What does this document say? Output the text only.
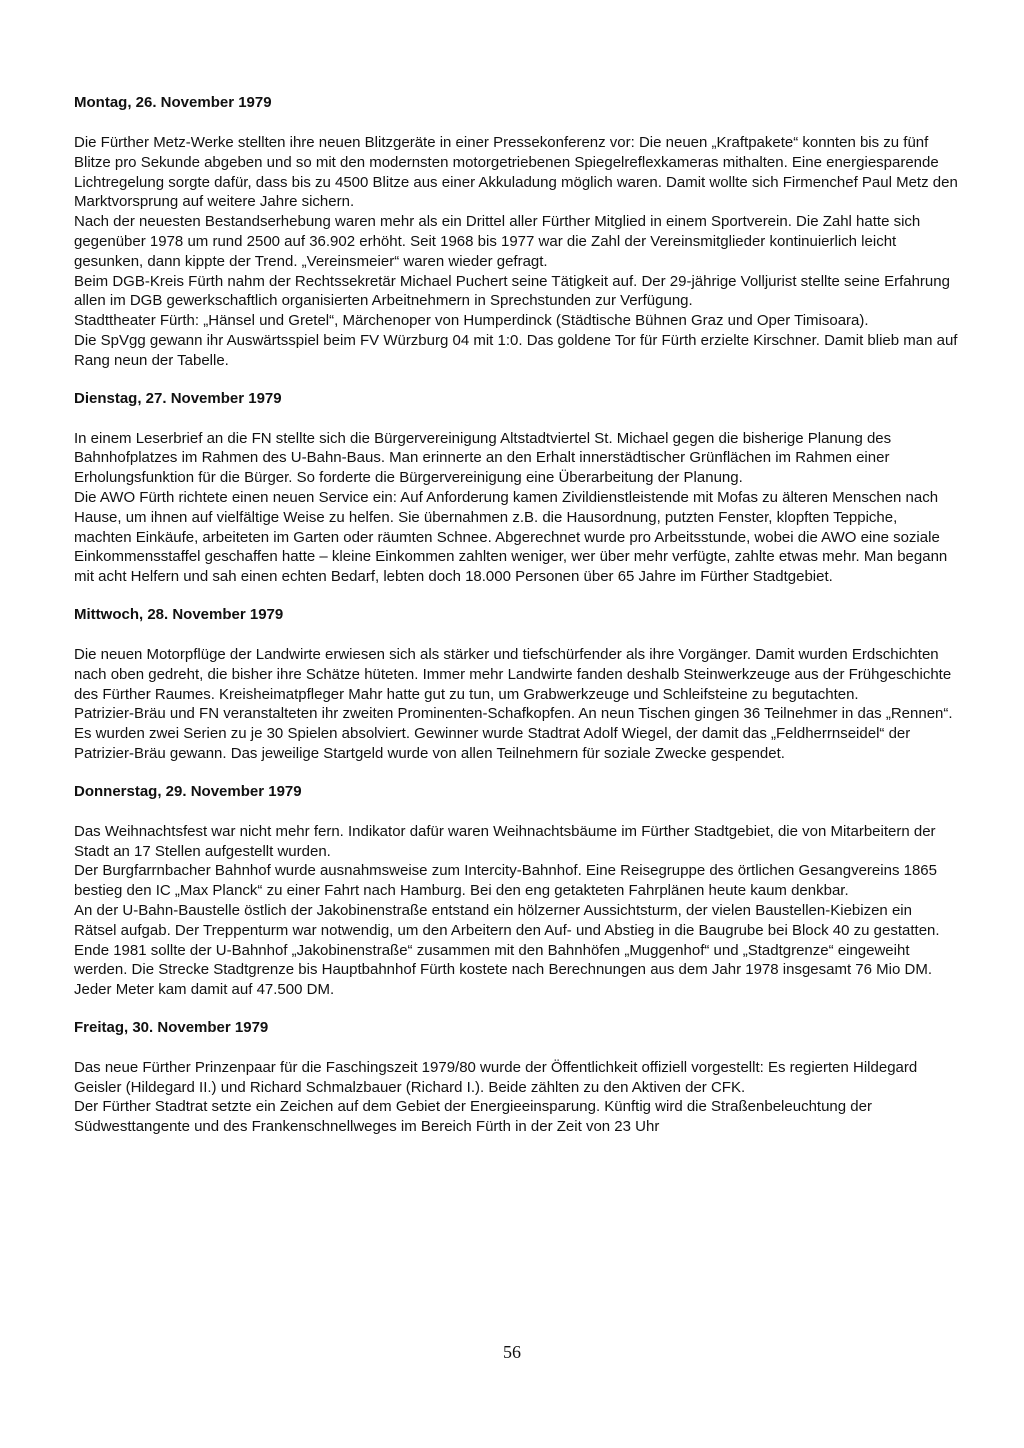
Montag, 26. November 1979

Die Fürther Metz-Werke stellten ihre neuen Blitzgeräte in einer Pressekonferenz vor: Die neuen „Kraftpakete“ konnten bis zu fünf Blitze pro Sekunde abgeben und so mit den modernsten motorgetriebenen Spiegelreflexkameras mithalten. Eine energiesparende Lichtregelung sorgte dafür, dass bis zu 4500 Blitze aus einer Akkuladung möglich waren. Damit wollte sich Firmenchef Paul Metz den Marktvorsprung auf weitere Jahre sichern.

Nach der neuesten Bestandserhebung waren mehr als ein Drittel aller Fürther Mitglied in einem Sportverein. Die Zahl hatte sich gegenüber 1978 um rund 2500 auf 36.902 erhöht. Seit 1968 bis 1977 war die Zahl der Vereinsmitglieder kontinuierlich leicht gesunken, dann kippte der Trend. „Vereinsmeier“ waren wieder gefragt.

Beim DGB-Kreis Fürth nahm der Rechtssekretär Michael Puchert seine Tätigkeit auf. Der 29-jährige Volljurist stellte seine Erfahrung allen im DGB gewerkschaftlich organisierten Arbeitnehmern in Sprechstunden zur Verfügung.

Stadttheater Fürth: „Hänsel und Gretel“, Märchenoper von Humperdinck (Städtische Bühnen Graz und Oper Timisoara).

Die SpVgg gewann ihr Auswärtsspiel beim FV Würzburg 04 mit 1:0. Das goldene Tor für Fürth erzielte Kirschner. Damit blieb man auf Rang neun der Tabelle.

Dienstag, 27. November 1979

In einem Leserbrief an die FN stellte sich die Bürgervereinigung Altstadtviertel St. Michael gegen die bisherige Planung des Bahnhofplatzes im Rahmen des U-Bahn-Baus. Man erinnerte an den Erhalt innerstädtischer Grünflächen im Rahmen einer Erholungsfunktion für die Bürger. So forderte die Bürgervereinigung eine Überarbeitung der Planung.

Die AWO Fürth richtete einen neuen Service ein: Auf Anforderung kamen Zivildienstleistende mit Mofas zu älteren Menschen nach Hause, um ihnen auf vielfältige Weise zu helfen. Sie übernahmen z.B. die Hausordnung, putzten Fenster, klopften Teppiche, machten Einkäufe, arbeiteten im Garten oder räumten Schnee. Abgerechnet wurde pro Arbeitsstunde, wobei die AWO eine soziale Einkommensstaffel geschaffen hatte – kleine Einkommen zahlten weniger, wer über mehr verfügte, zahlte etwas mehr. Man begann mit acht Helfern und sah einen echten Bedarf, lebten doch 18.000 Personen über 65 Jahre im Fürther Stadtgebiet.

Mittwoch, 28. November 1979

Die neuen Motorpflüge der Landwirte erwiesen sich als stärker und tiefschürfender als ihre Vorgänger. Damit wurden Erdschichten nach oben gedreht, die bisher ihre Schätze hüteten. Immer mehr Landwirte fanden deshalb Steinwerkzeuge aus der Frühgeschichte des Fürther Raumes. Kreisheimatpfleger Mahr hatte gut zu tun, um Grabwerkzeuge und Schleifsteine zu begutachten.

Patrizier-Bräu und FN veranstalteten ihr zweiten Prominenten-Schafkopfen. An neun Tischen gingen 36 Teilnehmer in das „Rennen“. Es wurden zwei Serien zu je 30 Spielen absolviert. Gewinner wurde Stadtrat Adolf Wiegel, der damit das „Feldherrnseidel“ der Patrizier-Bräu gewann. Das jeweilige Startgeld wurde von allen Teilnehmern für soziale Zwecke gespendet.

Donnerstag, 29. November 1979

Das Weihnachtsfest war nicht mehr fern. Indikator dafür waren Weihnachtsbäume im Fürther Stadtgebiet, die von Mitarbeitern der Stadt an 17 Stellen aufgestellt wurden.

Der Burgfarrnbacher Bahnhof wurde ausnahmsweise zum Intercity-Bahnhof. Eine Reisegruppe des örtlichen Gesangvereins 1865 bestieg den IC „Max Planck“ zu einer Fahrt nach Hamburg. Bei den eng getakteten Fahrplänen heute kaum denkbar.

An der U-Bahn-Baustelle östlich der Jakobinenstraße entstand ein hölzerner Aussichtsturm, der vielen Baustellen-Kiebizen ein Rätsel aufgab. Der Treppenturm war notwendig, um den Arbeitern den Auf- und Abstieg in die Baugrube bei Block 40 zu gestatten. Ende 1981 sollte der U-Bahnhof „Jakobinenstraße“ zusammen mit den Bahnhöfen „Muggenhof“ und „Stadtgrenze“ eingeweiht werden. Die Strecke Stadtgrenze bis Hauptbahnhof Fürth kostete nach Berechnungen aus dem Jahr 1978 insgesamt 76 Mio DM. Jeder Meter kam damit auf 47.500 DM.

Freitag, 30. November 1979

Das neue Fürther Prinzenpaar für die Faschingszeit 1979/80 wurde der Öffentlichkeit offiziell vorgestellt: Es regierten Hildegard Geisler (Hildegard II.) und Richard Schmalzbauer (Richard I.). Beide zählten zu den Aktiven der CFK.

Der Fürther Stadtrat setzte ein Zeichen auf dem Gebiet der Energieeinsparung. Künftig wird die Straßenbeleuchtung der Südwesttangente und des Frankenschnellweges im Bereich Fürth in der Zeit von 23 Uhr

56
